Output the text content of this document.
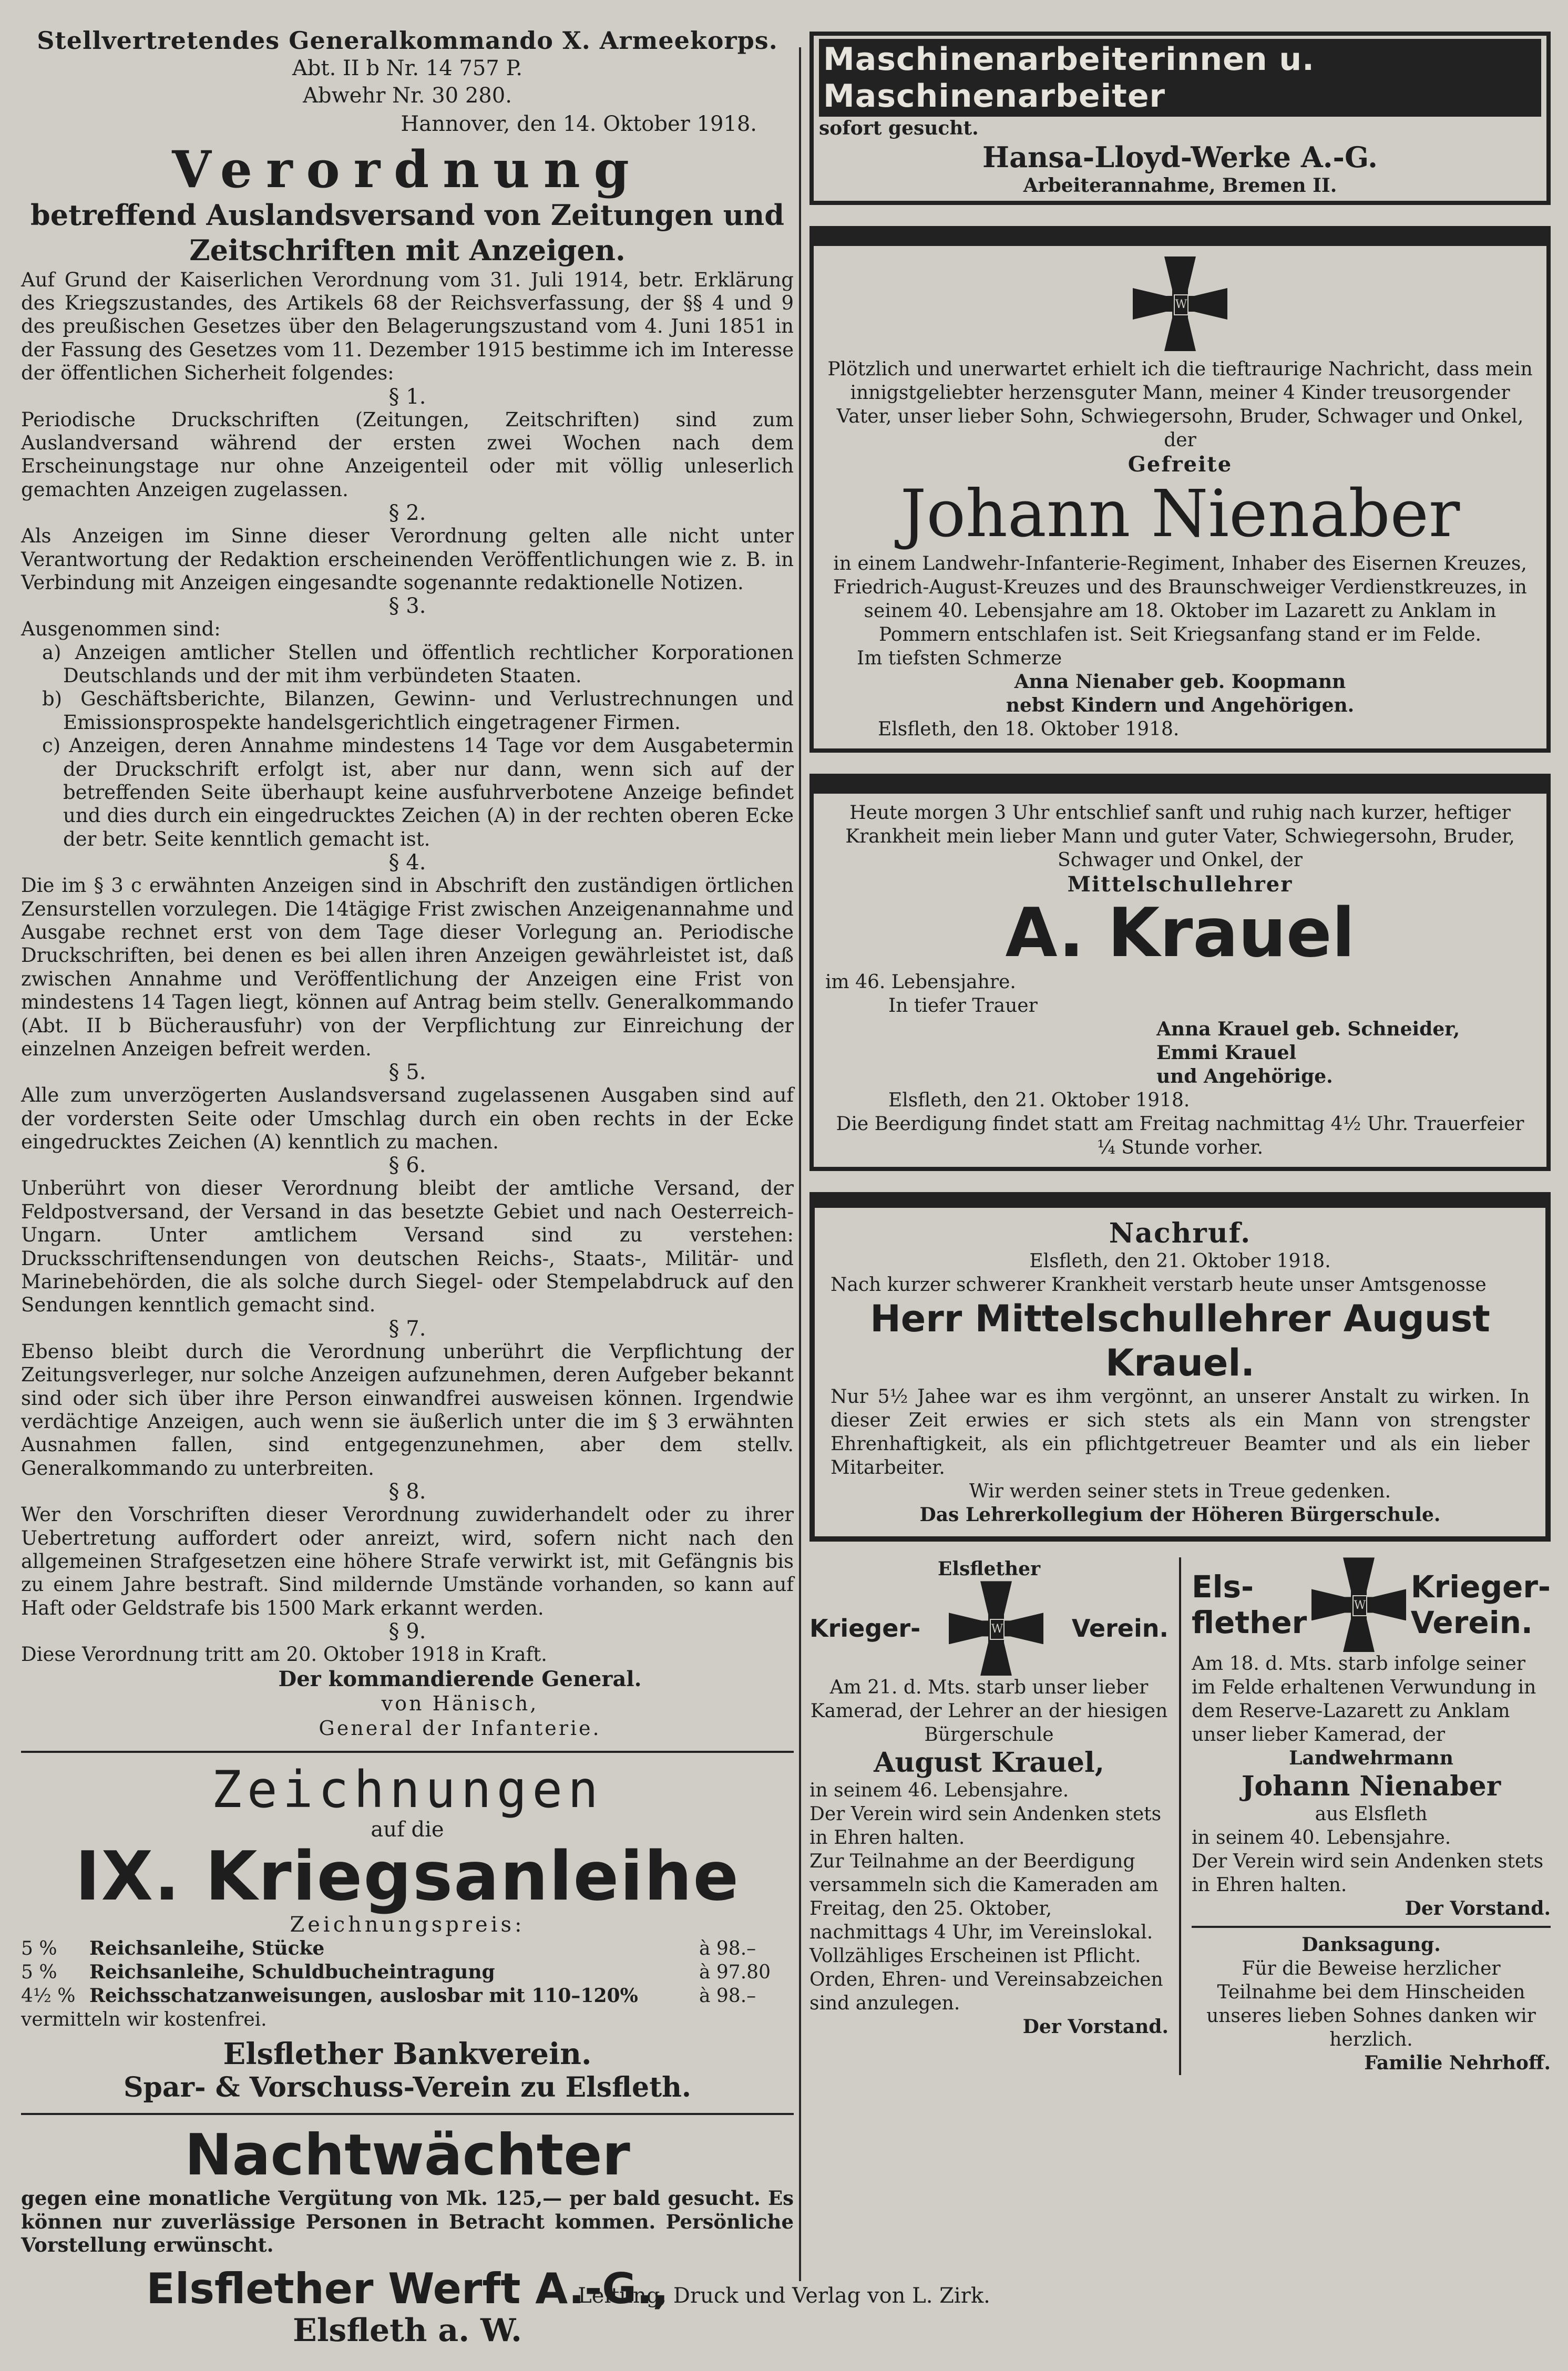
Stellvertretendes Generalkommando X. Armeekorps.

Abt. II b Nr. 14 757 P.

Abwehr Nr. 30 280.

Hannover, den 14. Oktober 1918.

Verordnung

betreffend Auslandsversand von Zeitungen und

Zeitschriften mit Anzeigen.

Auf Grund der Kaiserlichen Verordnung vom 31. Juli 1914, betr. Erklärung des Kriegszustandes, des Artikels 68 der Reichsverfassung, der §§ 4 und 9 des preußischen Gesetzes über den Belagerungszustand vom 4. Juni 1851 in der Fassung des Gesetzes vom 11. Dezember 1915 bestimme ich im Interesse der öffentlichen Sicherheit folgendes:

§ 1.

Periodische Druckschriften (Zeitungen, Zeitschriften) sind zum Auslandversand während der ersten zwei Wochen nach dem Erscheinungstage nur ohne Anzeigenteil oder mit völlig unleserlich gemachten Anzeigen zugelassen.

§ 2.

Als Anzeigen im Sinne dieser Verordnung gelten alle nicht unter Verantwortung der Redaktion erscheinenden Veröffentlichungen wie z. B. in Verbindung mit Anzeigen eingesandte sogenannte redaktionelle Notizen.

§ 3.

Ausgenommen sind:

a) Anzeigen amtlicher Stellen und öffentlich rechtlicher Korporationen Deutschlands und der mit ihm verbündeten Staaten.

b) Geschäftsberichte, Bilanzen, Gewinn- und Verlustrechnungen und Emissionsprospekte handelsgerichtlich eingetragener Firmen.

c) Anzeigen, deren Annahme mindestens 14 Tage vor dem Ausgabetermin der Druckschrift erfolgt ist, aber nur dann, wenn sich auf der betreffenden Seite überhaupt keine ausfuhrverbotene Anzeige befindet und dies durch ein eingedrucktes Zeichen (A) in der rechten oberen Ecke der betr. Seite kenntlich gemacht ist.

§ 4.

Die im § 3 c erwähnten Anzeigen sind in Abschrift den zuständigen örtlichen Zensurstellen vorzulegen. Die 14tägige Frist zwischen Anzeigenannahme und Ausgabe rechnet erst von dem Tage dieser Vorlegung an. Periodische Druckschriften, bei denen es bei allen ihren Anzeigen gewährleistet ist, daß zwischen Annahme und Veröffentlichung der Anzeigen eine Frist von mindestens 14 Tagen liegt, können auf Antrag beim stellv. Generalkommando (Abt. II b Bücherausfuhr) von der Verpflichtung zur Einreichung der einzelnen Anzeigen befreit werden.

§ 5.

Alle zum unverzögerten Auslandsversand zugelassenen Ausgaben sind auf der vordersten Seite oder Umschlag durch ein oben rechts in der Ecke eingedrucktes Zeichen (A) kenntlich zu machen.

§ 6.

Unberührt von dieser Verordnung bleibt der amtliche Versand, der Feldpostversand, der Versand in das besetzte Gebiet und nach Oesterreich-Ungarn. Unter amtlichem Versand sind zu verstehen: Drucksschriftensendungen von deutschen Reichs-, Staats-, Militär- und Marinebehörden, die als solche durch Siegel- oder Stempelabdruck auf den Sendungen kenntlich gemacht sind.

§ 7.

Ebenso bleibt durch die Verordnung unberührt die Verpflichtung der Zeitungsverleger, nur solche Anzeigen aufzunehmen, deren Aufgeber bekannt sind oder sich über ihre Person einwandfrei ausweisen können. Irgendwie verdächtige Anzeigen, auch wenn sie äußerlich unter die im § 3 erwähnten Ausnahmen fallen, sind entgegenzunehmen, aber dem stellv. Generalkommando zu unterbreiten.

§ 8.

Wer den Vorschriften dieser Verordnung zuwiderhandelt oder zu ihrer Uebertretung auffordert oder anreizt, wird, sofern nicht nach den allgemeinen Strafgesetzen eine höhere Strafe verwirkt ist, mit Gefängnis bis zu einem Jahre bestraft. Sind mildernde Umstände vorhanden, so kann auf Haft oder Geldstrafe bis 1500 Mark erkannt werden.

§ 9.

Diese Verordnung tritt am 20. Oktober 1918 in Kraft.

Der kommandierende General.

von Hänisch,

General der Infanterie.

Zeichnungen

auf die

IX. Kriegsanleihe

Zeichnungspreis:

5 %	Reichsanleihe, Stücke	à 98.–
5 %	Reichsanleihe, Schuldbucheintragung	à 97.80
4½ % Reichsschatzanweisungen, auslosbar mit 110–120%	à 98.–

vermitteln wir kostenfrei.

Elsflether Bankverein.

Spar- & Vorschuss-Verein zu Elsfleth.

Nachtwächter

gegen eine monatliche Vergütung von Mk. 125,— per bald gesucht. Es können nur zuverlässige Personen in Betracht kommen. Persönliche Vorstellung erwünscht.

Elsflether Werft A.-G.,

Elsfleth a. W.

Maschinenarbeiterinnen u. Maschinenarbeiter

sofort gesucht.

Hansa-Lloyd-Werke A.-G.

Arbeiterannahme, Bremen II.

W

Plötzlich und unerwartet erhielt ich die tieftraurige Nachricht, dass mein innigstgeliebter herzensguter Mann, meiner 4 Kinder treusorgender Vater, unser lieber Sohn, Schwiegersohn, Bruder, Schwager und Onkel, der

Gefreite

Johann Nienaber

in einem Landwehr-Infanterie-Regiment, Inhaber des Eisernen Kreuzes, Friedrich-August-Kreuzes und des Braunschweiger Verdienstkreuzes, in seinem 40. Lebensjahre am 18. Oktober im Lazarett zu Anklam in Pommern entschlafen ist. Seit Kriegsanfang stand er im Felde.

Im tiefsten Schmerze

Anna Nienaber geb. Koopmann

nebst Kindern und Angehörigen.

Elsfleth, den 18. Oktober 1918.

Heute morgen 3 Uhr entschlief sanft und ruhig nach kurzer, heftiger Krankheit mein lieber Mann und guter Vater, Schwiegersohn, Bruder, Schwager und Onkel, der

Mittelschullehrer

A. Krauel

im 46. Lebensjahre.

In tiefer Trauer

Anna Krauel geb. Schneider,

Emmi Krauel

und Angehörige.

Elsfleth, den 21. Oktober 1918.

Die Beerdigung findet statt am Freitag nachmittag 4½ Uhr. Trauerfeier ¼ Stunde vorher.

Nachruf.

Elsfleth, den 21. Oktober 1918.

Nach kurzer schwerer Krankheit verstarb heute unser Amtsgenosse

Herr Mittelschullehrer August Krauel.

Nur 5½ Jahee war es ihm vergönnt, an unserer Anstalt zu wirken. In dieser Zeit erwies er sich stets als ein Mann von strengster Ehrenhaftigkeit, als ein pflichtgetreuer Beamter und als ein lieber Mitarbeiter.

Wir werden seiner stets in Treue gedenken.

Das Lehrerkollegium der Höheren Bürgerschule.

Elsflether

Krieger-	W	Verein.

Am 21. d. Mts. starb unser lieber Kamerad, der Lehrer an der hiesigen Bürgerschule

August Krauel,

in seinem 46. Lebensjahre.

Der Verein wird sein Andenken stets in Ehren halten.

Zur Teilnahme an der Beerdigung versammeln sich die Kameraden am Freitag, den 25. Oktober, nachmittags 4 Uhr, im Vereinslokal.

Vollzähliges Erscheinen ist Pflicht. Orden, Ehren- und Vereinsabzeichen sind anzulegen.

Der Vorstand.

Els-

flether	W

Krieger-

Verein.

Am 18. d. Mts. starb infolge seiner im Felde erhaltenen Verwundung in dem Reserve-Lazarett zu Anklam unser lieber Kamerad, der

Landwehrmann

Johann Nienaber

aus Elsfleth

in seinem 40. Lebensjahre.

Der Verein wird sein Andenken stets in Ehren halten.

Der Vorstand.

Danksagung.

Für die Beweise herzlicher Teilnahme bei dem Hinscheiden unseres lieben Sohnes danken wir herzlich.

Familie Nehrhoff.

Leitung, Druck und Verlag von L. Zirk.
